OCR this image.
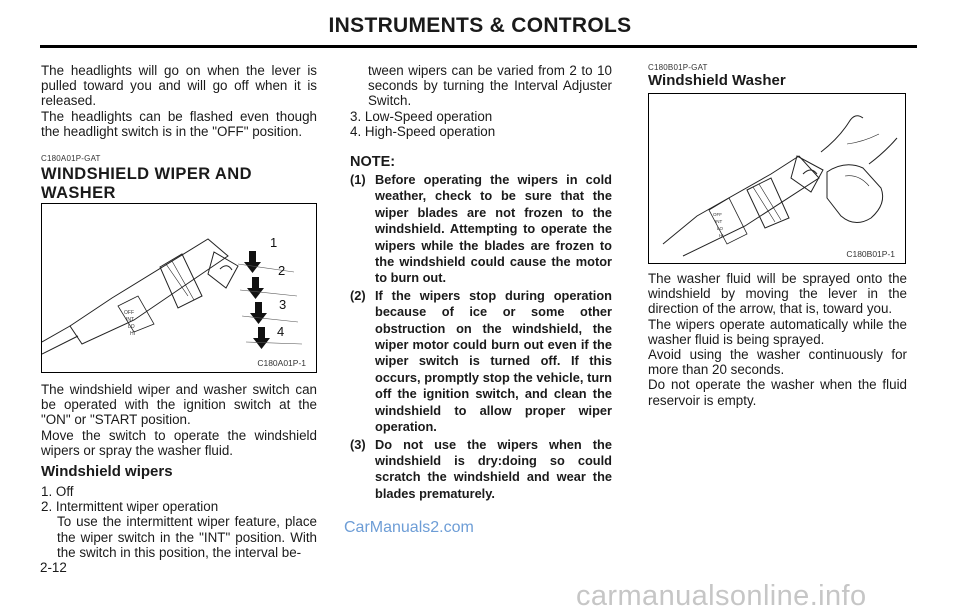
INSTRUMENTS & CONTROLS

The headlights will go on when the lever is pulled toward you and will go off when it is released.

The headlights can be flashed even though the headlight switch is in the "OFF" position.

C180A01P-GAT

WINDSHIELD WIPER AND WASHER

OFF
INT
LO
HI
1
2
3
4
C180A01P-1

The windshield wiper and washer switch can be operated with the ignition switch at the "ON" or "START position.

Move the switch to operate the windshield wipers or spray the washer fluid.

Windshield wipers
1. Off
2. Intermittent wiper operation
To use the intermittent wiper feature, place the wiper switch in the "INT" position. With the switch in this position, the interval be-
2-12
CarManuals2.com
tween wipers can be varied from 2 to 10 seconds by turning the Interval Adjuster Switch.
3. Low-Speed operation
4. High-Speed operation
NOTE:
(1) Before operating the wipers in cold weather, check to be sure that the wiper blades are not frozen to the windshield. Attempting to operate the wipers while the blades are frozen to the windshield could cause the motor to burn out.

(2) If the wipers stop during operation because of ice or some other obstruction on the windshield, the wiper motor could burn out even if the wiper switch is turned off. If this occurs, promptly stop the vehicle, turn off the ignition switch, and clean the windshield to allow proper wiper operation.

(3) Do not use the wipers when the windshield is dry:doing so could scratch the windshield and wear the blades prematurely.

C180B01P-GAT
Windshield Washer
OFF
INT
LO
HI
C180B01P-1

The washer fluid will be sprayed onto the windshield by moving the lever in the direction of the arrow, that is, toward you.

The wipers operate automatically while the washer fluid is being sprayed.

Avoid using the washer continuously for more than 20 seconds.

Do not operate the washer when the fluid reservoir is empty.

carmanualsonline.info
